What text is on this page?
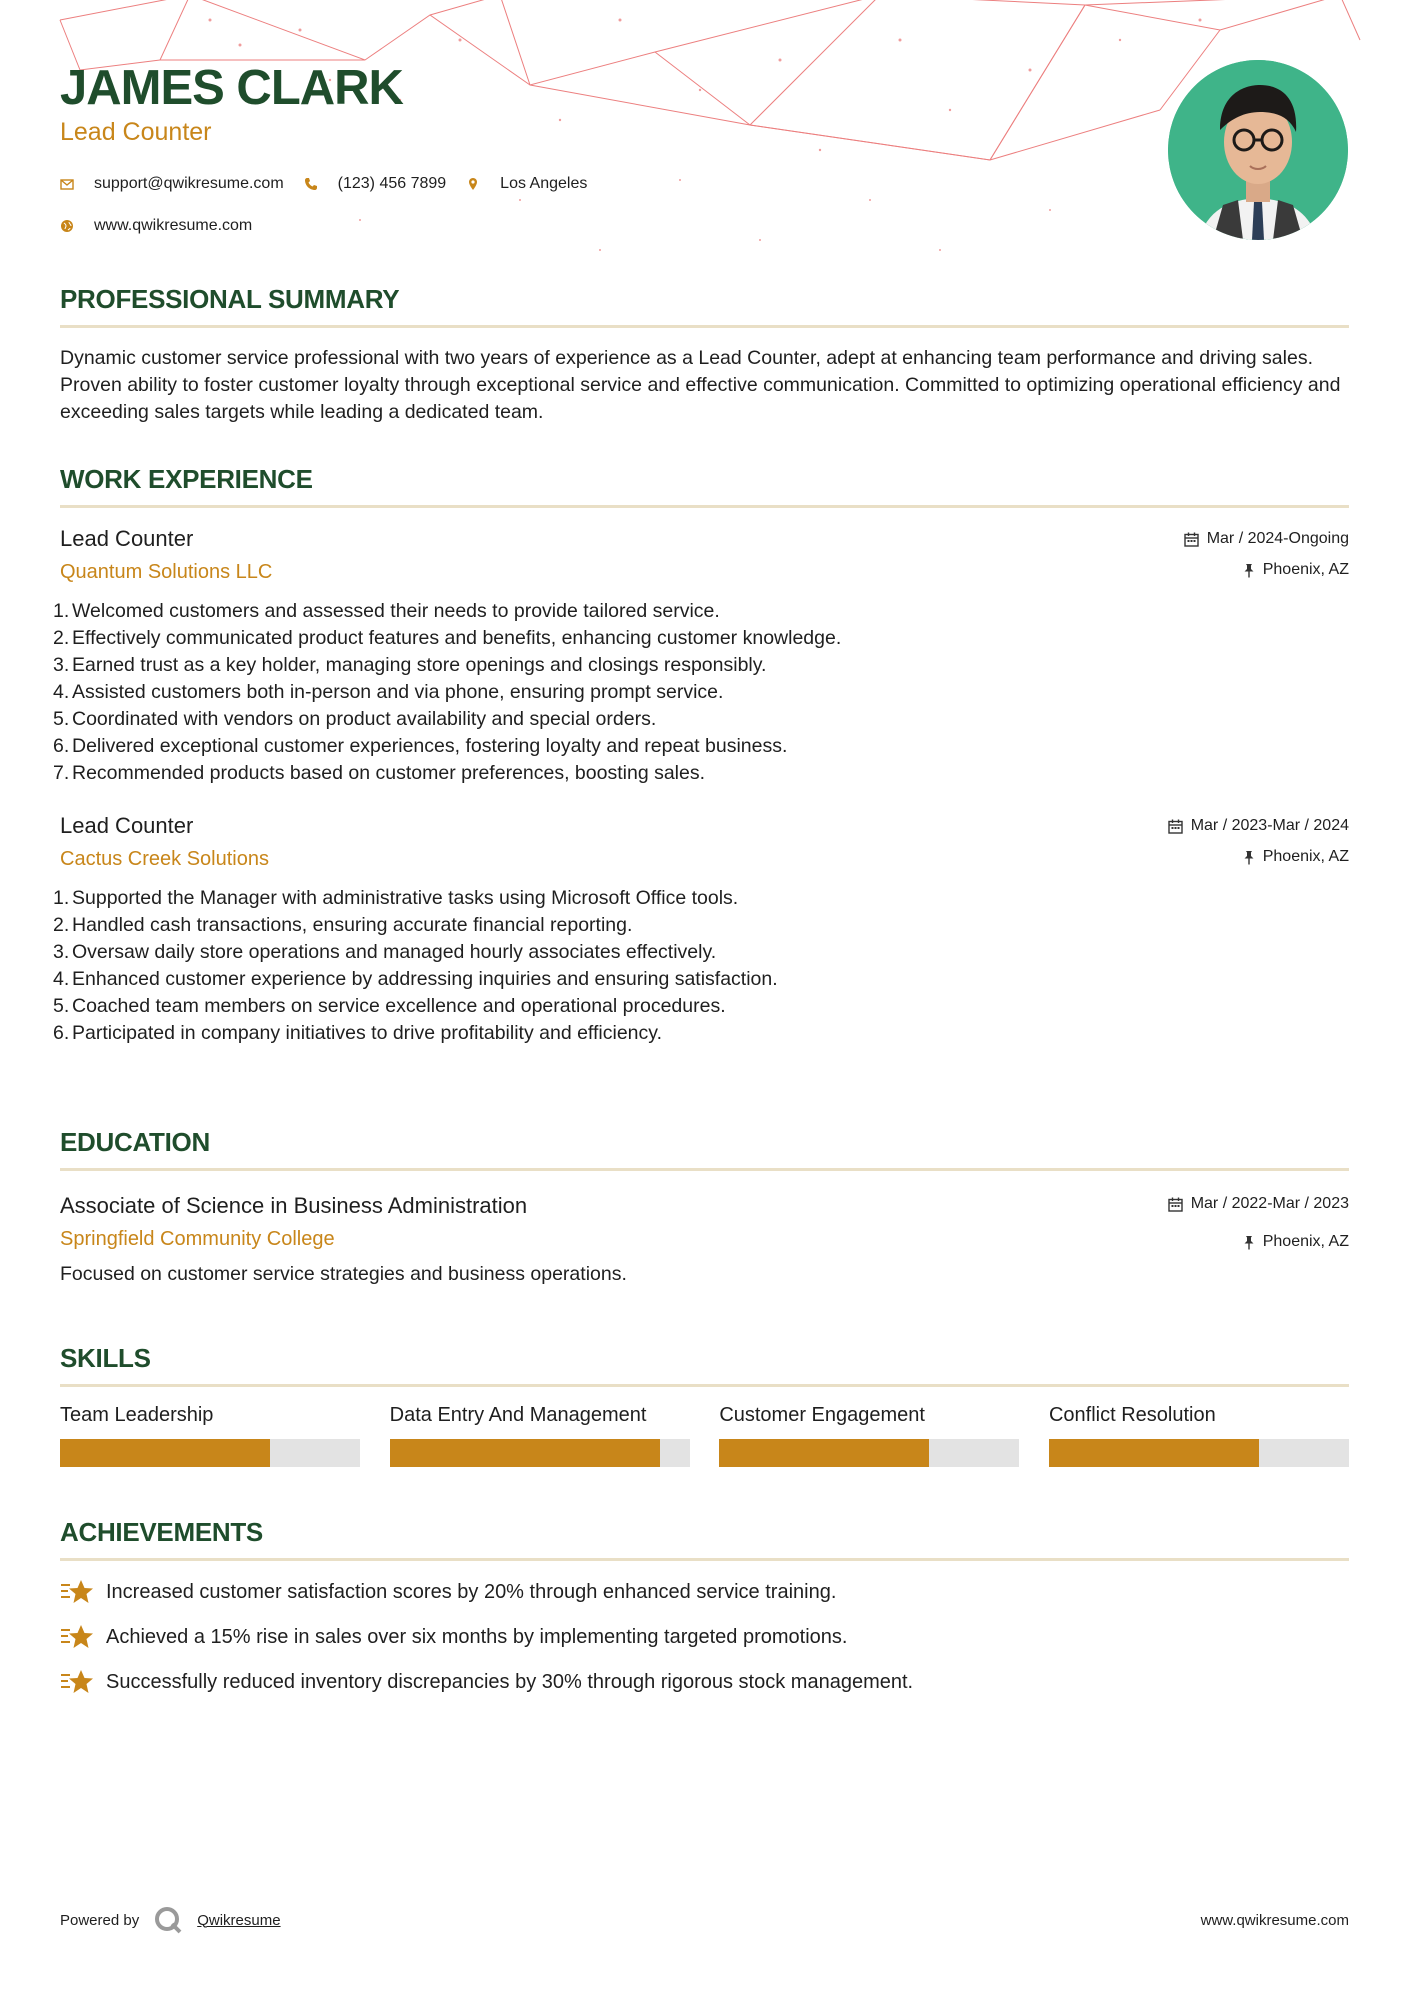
JAMES CLARK
Lead Counter
support@qwikresume.com	(123) 456 7899	Los Angeles
www.qwikresume.com
PROFESSIONAL SUMMARY
Dynamic customer service professional with two years of experience as a Lead Counter, adept at enhancing team performance and driving sales. Proven ability to foster customer loyalty through exceptional service and effective communication. Committed to optimizing operational efficiency and exceeding sales targets while leading a dedicated team.
WORK EXPERIENCE
Lead Counter
Quantum Solutions LLC
Mar / 2024-Ongoing
Phoenix, AZ
1. Welcomed customers and assessed their needs to provide tailored service.
2. Effectively communicated product features and benefits, enhancing customer knowledge.
3. Earned trust as a key holder, managing store openings and closings responsibly.
4. Assisted customers both in-person and via phone, ensuring prompt service.
5. Coordinated with vendors on product availability and special orders.
6. Delivered exceptional customer experiences, fostering loyalty and repeat business.
7. Recommended products based on customer preferences, boosting sales.
Lead Counter
Cactus Creek Solutions
Mar / 2023-Mar / 2024
Phoenix, AZ
1. Supported the Manager with administrative tasks using Microsoft Office tools.
2. Handled cash transactions, ensuring accurate financial reporting.
3. Oversaw daily store operations and managed hourly associates effectively.
4. Enhanced customer experience by addressing inquiries and ensuring satisfaction.
5. Coached team members on service excellence and operational procedures.
6. Participated in company initiatives to drive profitability and efficiency.
EDUCATION
Associate of Science in Business Administration
Springfield Community College
Mar / 2022-Mar / 2023
Phoenix, AZ
Focused on customer service strategies and business operations.
SKILLS
Team Leadership	Data Entry And Management	Customer Engagement	Conflict Resolution
ACHIEVEMENTS
Increased customer satisfaction scores by 20% through enhanced service training.
Achieved a 15% rise in sales over six months by implementing targeted promotions.
Successfully reduced inventory discrepancies by 30% through rigorous stock management.
Powered by	Qwikresume	www.qwikresume.com
